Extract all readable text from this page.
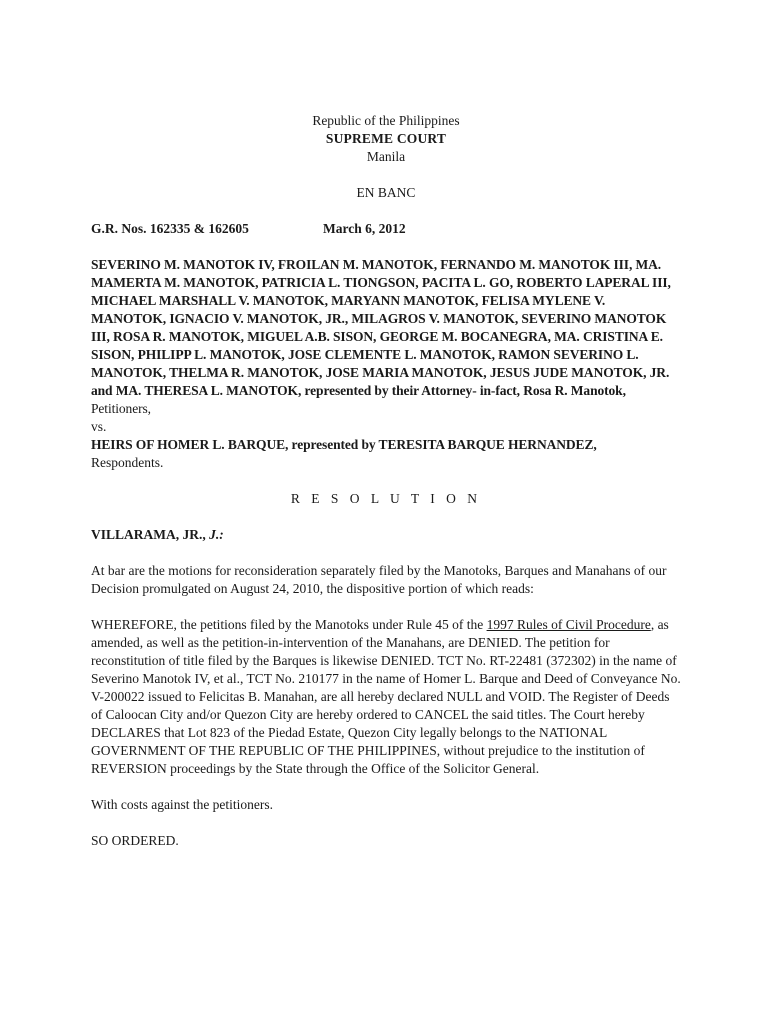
Republic of the Philippines
SUPREME COURT
Manila
EN BANC
G.R. Nos. 162335 & 162605	March 6, 2012

SEVERINO M. MANOTOK IV, FROILAN M. MANOTOK, FERNANDO M. MANOTOK III, MA. MAMERTA M. MANOTOK, PATRICIA L. TIONGSON, PACITA L. GO, ROBERTO LAPERAL III, MICHAEL MARSHALL V. MANOTOK, MARYANN MANOTOK, FELISA MYLENE V. MANOTOK, IGNACIO V. MANOTOK, JR., MILAGROS V. MANOTOK, SEVERINO MANOTOK III, ROSA R. MANOTOK, MIGUEL A.B. SISON, GEORGE M. BOCANEGRA, MA. CRISTINA E. SISON, PHILIPP L. MANOTOK, JOSE CLEMENTE L. MANOTOK, RAMON SEVERINO L. MANOTOK, THELMA R. MANOTOK, JOSE MARIA MANOTOK, JESUS JUDE MANOTOK, JR. and MA. THERESA L. MANOTOK, represented by their Attorney- in-fact, Rosa R. Manotok, Petitioners,

vs.

HEIRS OF HOMER L. BARQUE, represented by TERESITA BARQUE HERNANDEZ,

Respondents.

R E S O L U T I O N

VILLARAMA, JR., J.:

At bar are the motions for reconsideration separately filed by the Manotoks, Barques and Manahans of our Decision promulgated on August 24, 2010, the dispositive portion of which reads:

WHEREFORE, the petitions filed by the Manotoks under Rule 45 of the 1997 Rules of Civil Procedure, as amended, as well as the petition-in-intervention of the Manahans, are DENIED. The petition for reconstitution of title filed by the Barques is likewise DENIED. TCT No. RT-22481 (372302) in the name of Severino Manotok IV, et al., TCT No. 210177 in the name of Homer L. Barque and Deed of Conveyance No. V-200022 issued to Felicitas B. Manahan, are all hereby declared NULL and VOID. The Register of Deeds of Caloocan City and/or Quezon City are hereby ordered to CANCEL the said titles. The Court hereby DECLARES that Lot 823 of the Piedad Estate, Quezon City legally belongs to the NATIONAL GOVERNMENT OF THE REPUBLIC OF THE PHILIPPINES, without prejudice to the institution of REVERSION proceedings by the State through the Office of the Solicitor General.

With costs against the petitioners.

SO ORDERED.
